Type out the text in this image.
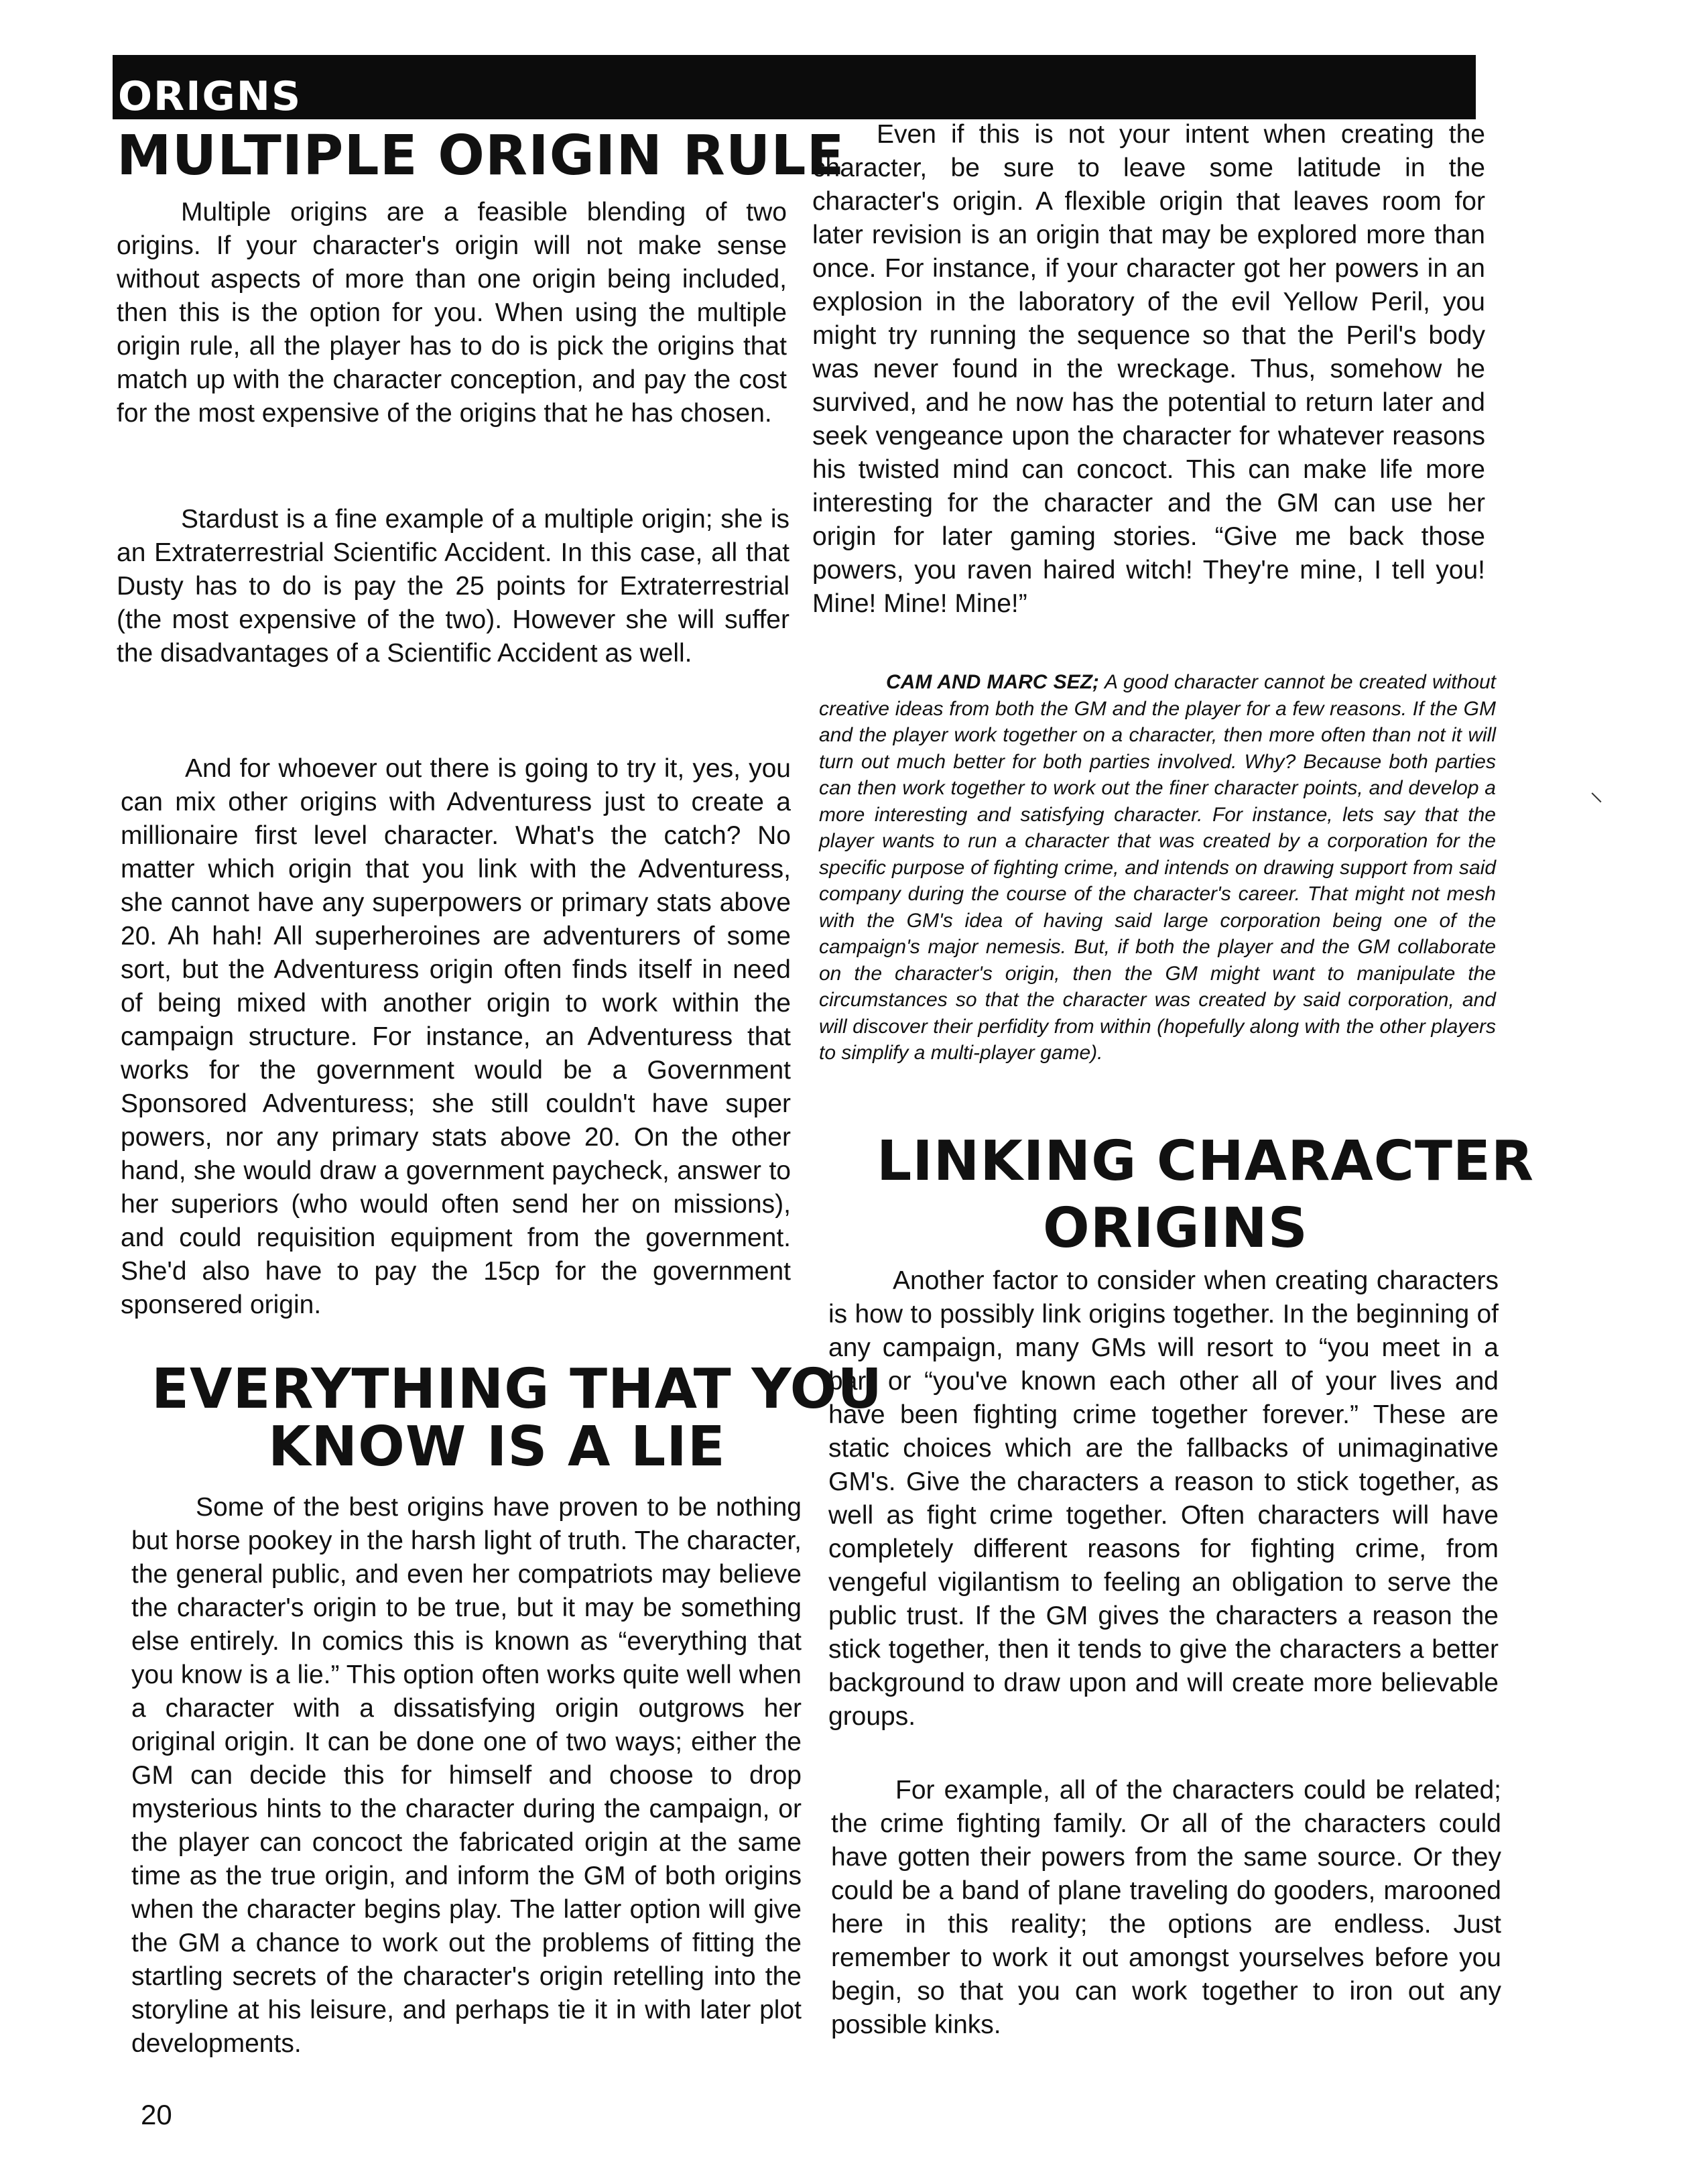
ORIGNS
MULTIPLE ORIGIN RULE

Multiple origins are a feasible blending of two origins. If your character's origin will not make sense without aspects of more than one origin being included, then this is the option for you. When using the multiple origin rule, all the player has to do is pick the origins that match up with the character conception, and pay the cost for the most expensive of the origins that he has chosen.

Stardust is a fine example of a multiple origin; she is an Extraterrestrial Scientific Accident. In this case, all that Dusty has to do is pay the 25 points for Extraterrestrial (the most expensive of the two). However she will suffer the disadvantages of a Scientific Accident as well.

And for whoever out there is going to try it, yes, you can mix other origins with Adventuress just to create a millionaire first level character. What's the catch? No matter which origin that you link with the Adventuress, she cannot have any superpowers or primary stats above 20. Ah hah! All superheroines are adventurers of some sort, but the Adventuress origin often finds itself in need of being mixed with another origin to work within the campaign structure. For instance, an Adventuress that works for the government would be a Government Sponsored Adventuress; she still couldn't have super powers, nor any primary stats above 20. On the other hand, she would draw a government paycheck, answer to her superiors (who would often send her on missions), and could requisition equipment from the government. She'd also have to pay the 15cp for the government sponsered origin.

EVERYTHING THAT YOU
KNOW IS A LIE

Some of the best origins have proven to be nothing but horse pookey in the harsh light of truth. The character, the general public, and even her compatriots may believe the character's origin to be true, but it may be something else entirely. In comics this is known as “everything that you know is a lie.” This option often works quite well when a character with a dissatisfying origin outgrows her original origin. It can be done one of two ways; either the GM can decide this for himself and choose to drop mysterious hints to the character during the campaign, or the player can concoct the fabricated origin at the same time as the true origin, and inform the GM of both origins when the character begins play. The latter option will give the GM a chance to work out the problems of fitting the startling secrets of the character's origin retelling into the storyline at his leisure, and perhaps tie it in with later plot developments.

Even if this is not your intent when creating the character, be sure to leave some latitude in the character's origin. A flexible origin that leaves room for later revision is an origin that may be explored more than once. For instance, if your character got her powers in an explosion in the laboratory of the evil Yellow Peril, you might try running the sequence so that the Peril's body was never found in the wreckage. Thus, somehow he survived, and he now has the potential to return later and seek vengeance upon the character for whatever reasons his twisted mind can concoct. This can make life more interesting for the character and the GM can use her origin for later gaming stories. “Give me back those powers, you raven haired witch! They're mine, I tell you! Mine! Mine! Mine!”

CAM AND MARC SEZ; A good character cannot be created without creative ideas from both the GM and the player for a few reasons. If the GM and the player work together on a character, then more often than not it will turn out much better for both parties involved. Why? Because both parties can then work together to work out the finer character points, and develop a more interesting and satisfying character. For instance, lets say that the player wants to run a character that was created by a corporation for the specific purpose of fighting crime, and intends on drawing support from said company during the course of the character's career. That might not mesh with the GM's idea of having said large corporation being one of the campaign's major nemesis. But, if both the player and the GM collaborate on the character's origin, then the GM might want to manipulate the circumstances so that the character was created by said corporation, and will discover their perfidity from within (hopefully along with the other players to simplify a multi-player game).

LINKING CHARACTER
ORIGINS

Another factor to consider when creating characters is how to possibly link origins together. In the beginning of any campaign, many GMs will resort to “you meet in a bar” or “you've known each other all of your lives and have been fighting crime together forever.” These are static choices which are the fallbacks of unimaginative GM's. Give the characters a reason to stick together, as well as fight crime together. Often characters will have completely different reasons for fighting crime, from vengeful vigilantism to feeling an obligation to serve the public trust. If the GM gives the characters a reason the stick together, then it tends to give the characters a better background to draw upon and will create more believable groups.

For example, all of the characters could be related; the crime fighting family. Or all of the characters could have gotten their powers from the same source. Or they could be a band of plane traveling do gooders, marooned here in this reality; the options are endless. Just remember to work it out amongst yourselves before you begin, so that you can work together to iron out any possible kinks.

⸜
20
